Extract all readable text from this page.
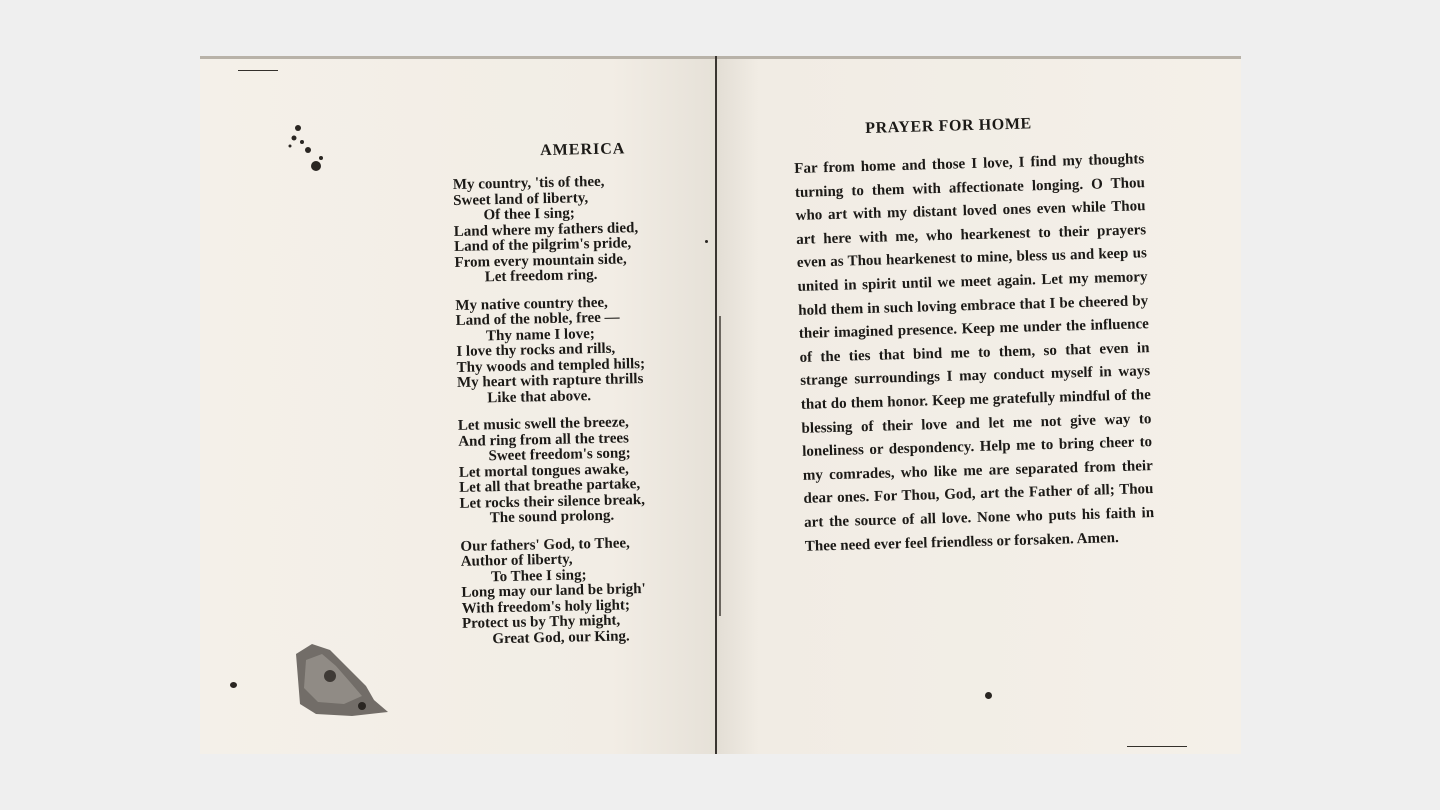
AMERICA
My country, 'tis of thee,
Sweet land of liberty,
Of thee I sing;
Land where my fathers died,
Land of the pilgrim's pride,
From every mountain side,
Let freedom ring.
My native country thee,
Land of the noble, free —
Thy name I love;
I love thy rocks and rills,
Thy woods and templed hills;
My heart with rapture thrills
Like that above.
Let music swell the breeze,
And ring from all the trees
Sweet freedom's song;
Let mortal tongues awake,
Let all that breathe partake,
Let rocks their silence break,
The sound prolong.
Our fathers' God, to Thee,
Author of liberty,
To Thee I sing;
Long may our land be brigh'
With freedom's holy light;
Protect us by Thy might,
Great God, our King.
PRAYER FOR HOME

Far from home and those I love, I find my thoughts turning to them with affectionate longing. O Thou who art with my distant loved ones even while Thou art here with me, who hearkenest to their prayers even as Thou hearkenest to mine, bless us and keep us united in spirit until we meet again. Let my memory hold them in such loving embrace that I be cheered by their imagined presence. Keep me under the influence of the ties that bind me to them, so that even in strange surroundings I may conduct myself in ways that do them honor. Keep me gratefully mindful of the blessing of their love and let me not give way to loneliness or despondency. Help me to bring cheer to my comrades, who like me are separated from their dear ones. For Thou, God, art the Father of all; Thou art the source of all love. None who puts his faith in Thee need ever feel friendless or forsaken. Amen.
